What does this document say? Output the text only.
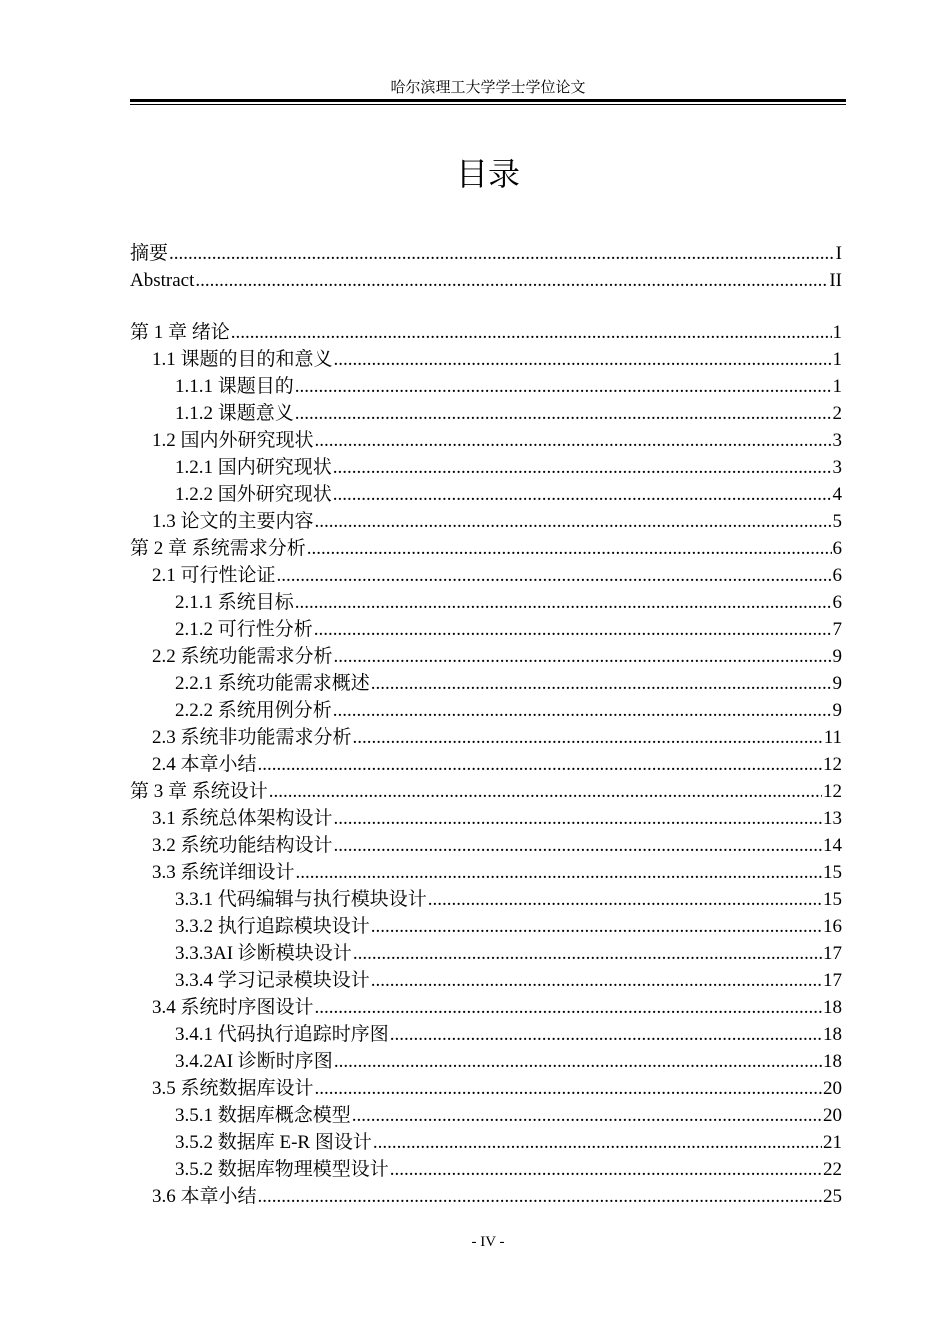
哈尔滨理工大学学士学位论文
目录
摘要 .....	I
Abstract .....	II
第 1 章 绪论 .....	1
1.1 课题的目的和意义 .....	1
1.1.1 课题目的 .....	1
1.1.2 课题意义 .....	2
1.2 国内外研究现状 .....	3
1.2.1 国内研究现状 .....	3
1.2.2 国外研究现状 .....	4
1.3 论文的主要内容 .....	5
第 2 章 系统需求分析 .....	6
2.1 可行性论证 .....	6
2.1.1 系统目标 .....	6
2.1.2 可行性分析 .....	7
2.2 系统功能需求分析 .....	9
2.2.1 系统功能需求概述 .....	9
2.2.2 系统用例分析 .....	9
2.3 系统非功能需求分析 .....	11
2.4 本章小结 .....	12
第 3 章 系统设计 .....	12
3.1 系统总体架构设计 .....	13
3.2 系统功能结构设计 .....	14
3.3 系统详细设计 .....	15
3.3.1 代码编辑与执行模块设计 .....	15
3.3.2 执行追踪模块设计 .....	16
3.3.3AI 诊断模块设计 .....	17
3.3.4 学习记录模块设计 .....	17
3.4 系统时序图设计 .....	18
3.4.1 代码执行追踪时序图 .....	18
3.4.2AI 诊断时序图 .....	18
3.5 系统数据库设计 .....	20
3.5.1 数据库概念模型 .....	20
3.5.2 数据库 E-R 图设计 .....	21
3.5.2 数据库物理模型设计 .....	22
3.6 本章小结 .....	25
- IV -
